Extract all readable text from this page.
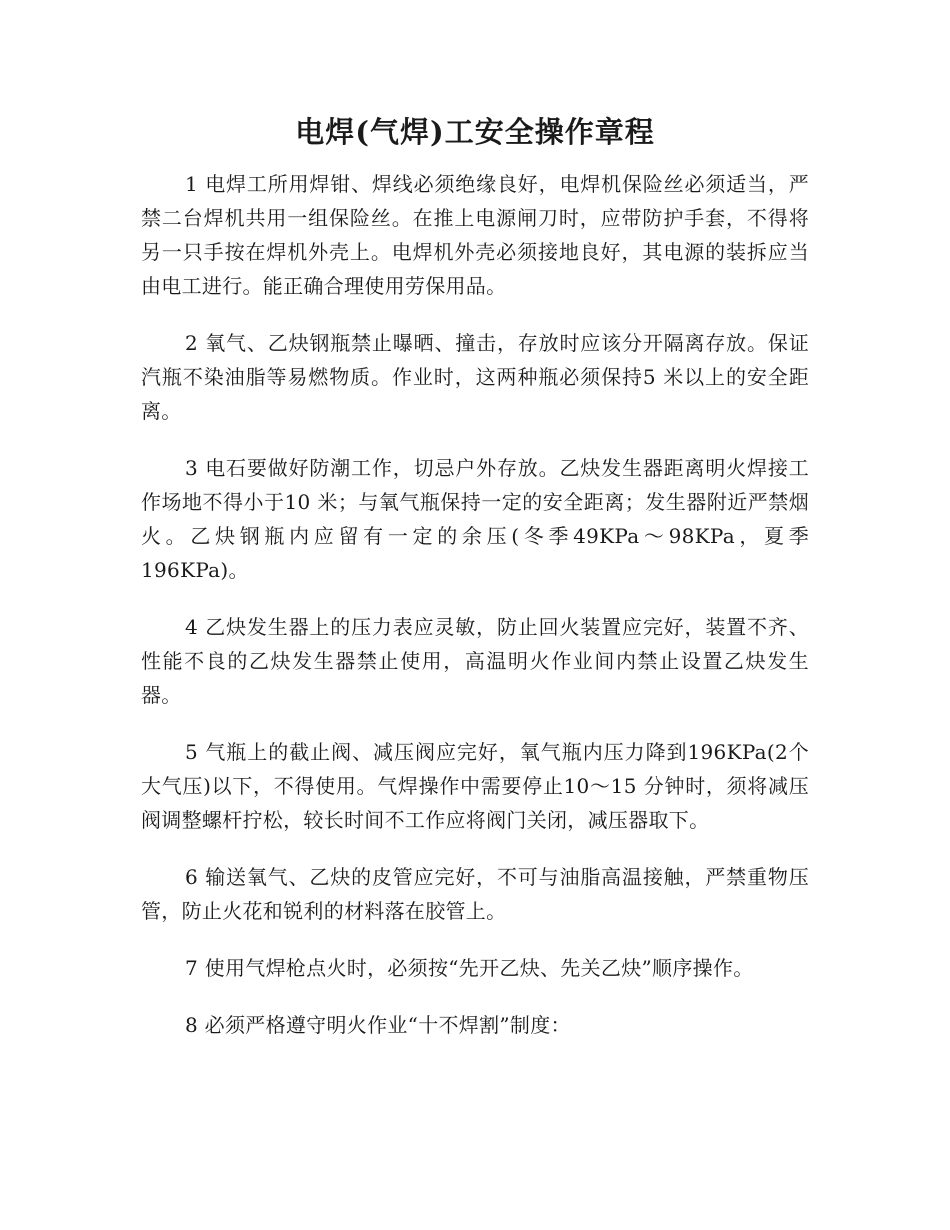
电焊(气焊)工安全操作章程

1 电焊工所用焊钳、焊线必须绝缘良好，电焊机保险丝必须适当，严禁二台焊机共用一组保险丝。在推上电源闸刀时，应带防护手套，不得将另一只手按在焊机外壳上。电焊机外壳必须接地良好，其电源的装拆应当由电工进行。能正确合理使用劳保用品。

2 氧气、乙炔钢瓶禁止曝晒、撞击，存放时应该分开隔离存放。保证汽瓶不染油脂等易燃物质。作业时，这两种瓶必须保持5 米以上的安全距离。

3 电石要做好防潮工作，切忌户外存放。乙炔发生器距离明火焊接工作场地不得小于10 米；与氧气瓶保持一定的安全距离；发生器附近严禁烟火。乙炔钢瓶内应留有一定的余压(冬季49KPa～98KPa，夏季196KPa)。

4 乙炔发生器上的压力表应灵敏，防止回火装置应完好，装置不齐、性能不良的乙炔发生器禁止使用，高温明火作业间内禁止设置乙炔发生器。

5 气瓶上的截止阀、减压阀应完好，氧气瓶内压力降到196KPa(2个大气压)以下，不得使用。气焊操作中需要停止10～15 分钟时，须将减压阀调整螺杆拧松，较长时间不工作应将阀门关闭，减压器取下。

6 输送氧气、乙炔的皮管应完好，不可与油脂高温接触，严禁重物压管，防止火花和锐利的材料落在胶管上。

7 使用气焊枪点火时，必须按“先开乙炔、先关乙炔”顺序操作。

8 必须严格遵守明火作业“十不焊割”制度：
